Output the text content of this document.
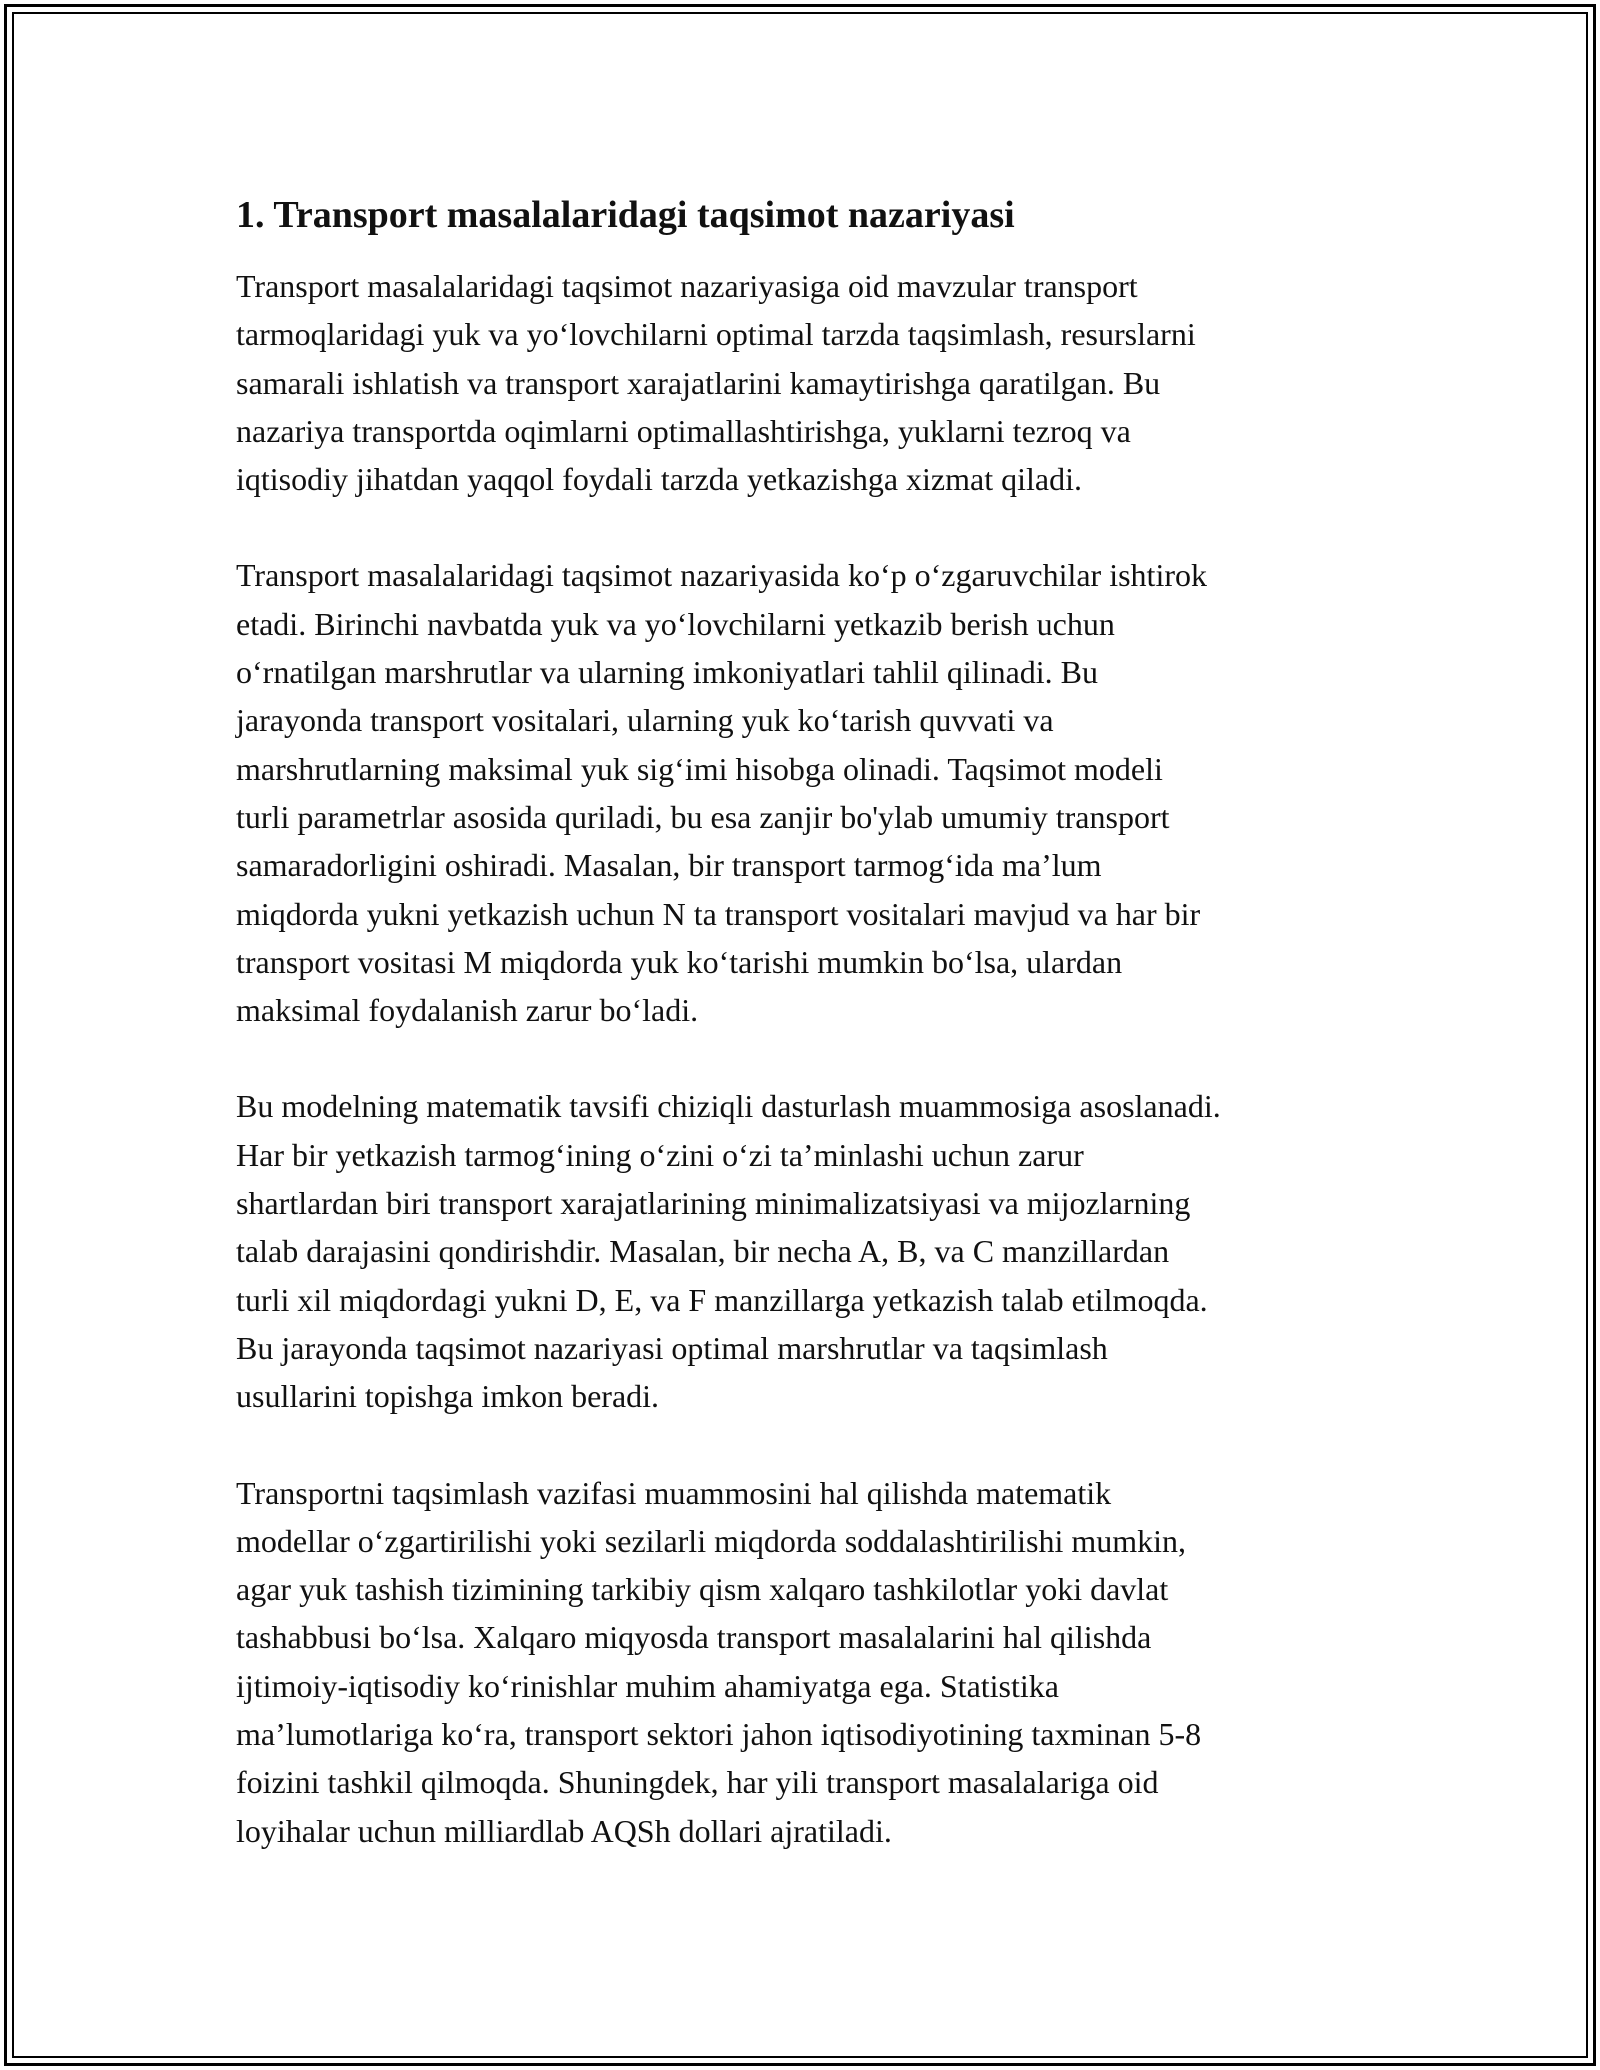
1. Transport masalalaridagi taqsimot nazariyasi

Transport masalalaridagi taqsimot nazariyasiga oid mavzular transport
tarmoqlaridagi yuk va yo‘lovchilarni optimal tarzda taqsimlash, resurslarni
samarali ishlatish va transport xarajatlarini kamaytirishga qaratilgan. Bu
nazariya transportda oqimlarni optimallashtirishga, yuklarni tezroq va
iqtisodiy jihatdan yaqqol foydali tarzda yetkazishga xizmat qiladi.

Transport masalalaridagi taqsimot nazariyasida ko‘p o‘zgaruvchilar ishtirok
etadi. Birinchi navbatda yuk va yo‘lovchilarni yetkazib berish uchun
o‘rnatilgan marshrutlar va ularning imkoniyatlari tahlil qilinadi. Bu
jarayonda transport vositalari, ularning yuk ko‘tarish quvvati va
marshrutlarning maksimal yuk sig‘imi hisobga olinadi. Taqsimot modeli
turli parametrlar asosida quriladi, bu esa zanjir bo'ylab umumiy transport
samaradorligini oshiradi. Masalan, bir transport tarmog‘ida ma’lum
miqdorda yukni yetkazish uchun N ta transport vositalari mavjud va har bir
transport vositasi M miqdorda yuk ko‘tarishi mumkin bo‘lsa, ulardan
maksimal foydalanish zarur bo‘ladi.

Bu modelning matematik tavsifi chiziqli dasturlash muammosiga asoslanadi.
Har bir yetkazish tarmog‘ining o‘zini o‘zi ta’minlashi uchun zarur
shartlardan biri transport xarajatlarining minimalizatsiyasi va mijozlarning
talab darajasini qondirishdir. Masalan, bir necha A, B, va C manzillardan
turli xil miqdordagi yukni D, E, va F manzillarga yetkazish talab etilmoqda.
Bu jarayonda taqsimot nazariyasi optimal marshrutlar va taqsimlash
usullarini topishga imkon beradi.

Transportni taqsimlash vazifasi muammosini hal qilishda matematik
modellar o‘zgartirilishi yoki sezilarli miqdorda soddalashtirilishi mumkin,
agar yuk tashish tizimining tarkibiy qism xalqaro tashkilotlar yoki davlat
tashabbusi bo‘lsa. Xalqaro miqyosda transport masalalarini hal qilishda
ijtimoiy-iqtisodiy ko‘rinishlar muhim ahamiyatga ega. Statistika
ma’lumotlariga ko‘ra, transport sektori jahon iqtisodiyotining taxminan 5-8
foizini tashkil qilmoqda. Shuningdek, har yili transport masalalariga oid
loyihalar uchun milliardlab AQSh dollari ajratiladi.
